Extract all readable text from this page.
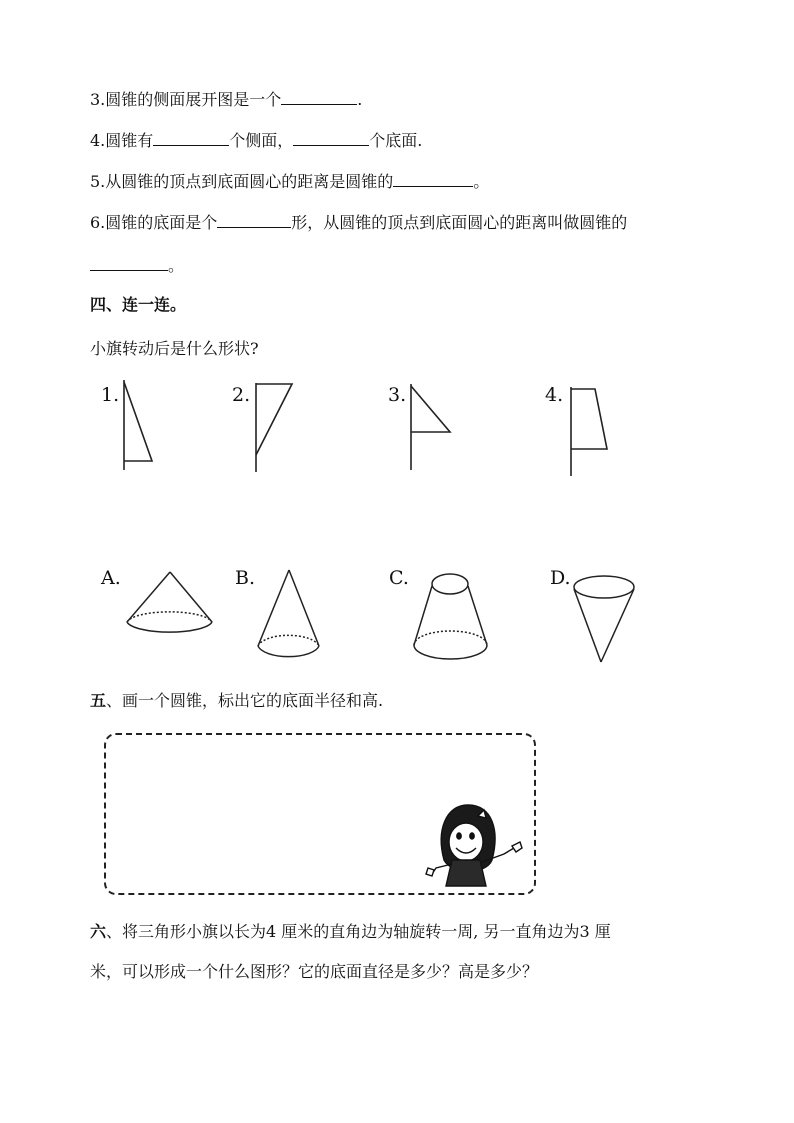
3.圆锥的侧面展开图是一个	.
4.圆锥有	个侧面，	个底面.
5.从圆锥的顶点到底面圆心的距离是圆锥的	。
6.圆锥的底面是个	形，从圆锥的顶点到底面圆心的距离叫做圆锥的
。
四、连一连。
小旗转动后是什么形状?
1.	2.	3.	4.
A.	B.	C.	D.
五、画一个圆锥，标出它的底面半径和高.
六、将三角形小旗以长为4 厘米的直角边为轴旋转一周, 另一直角边为3 厘
米，可以形成一个什么图形？它的底面直径是多少？高是多少？
